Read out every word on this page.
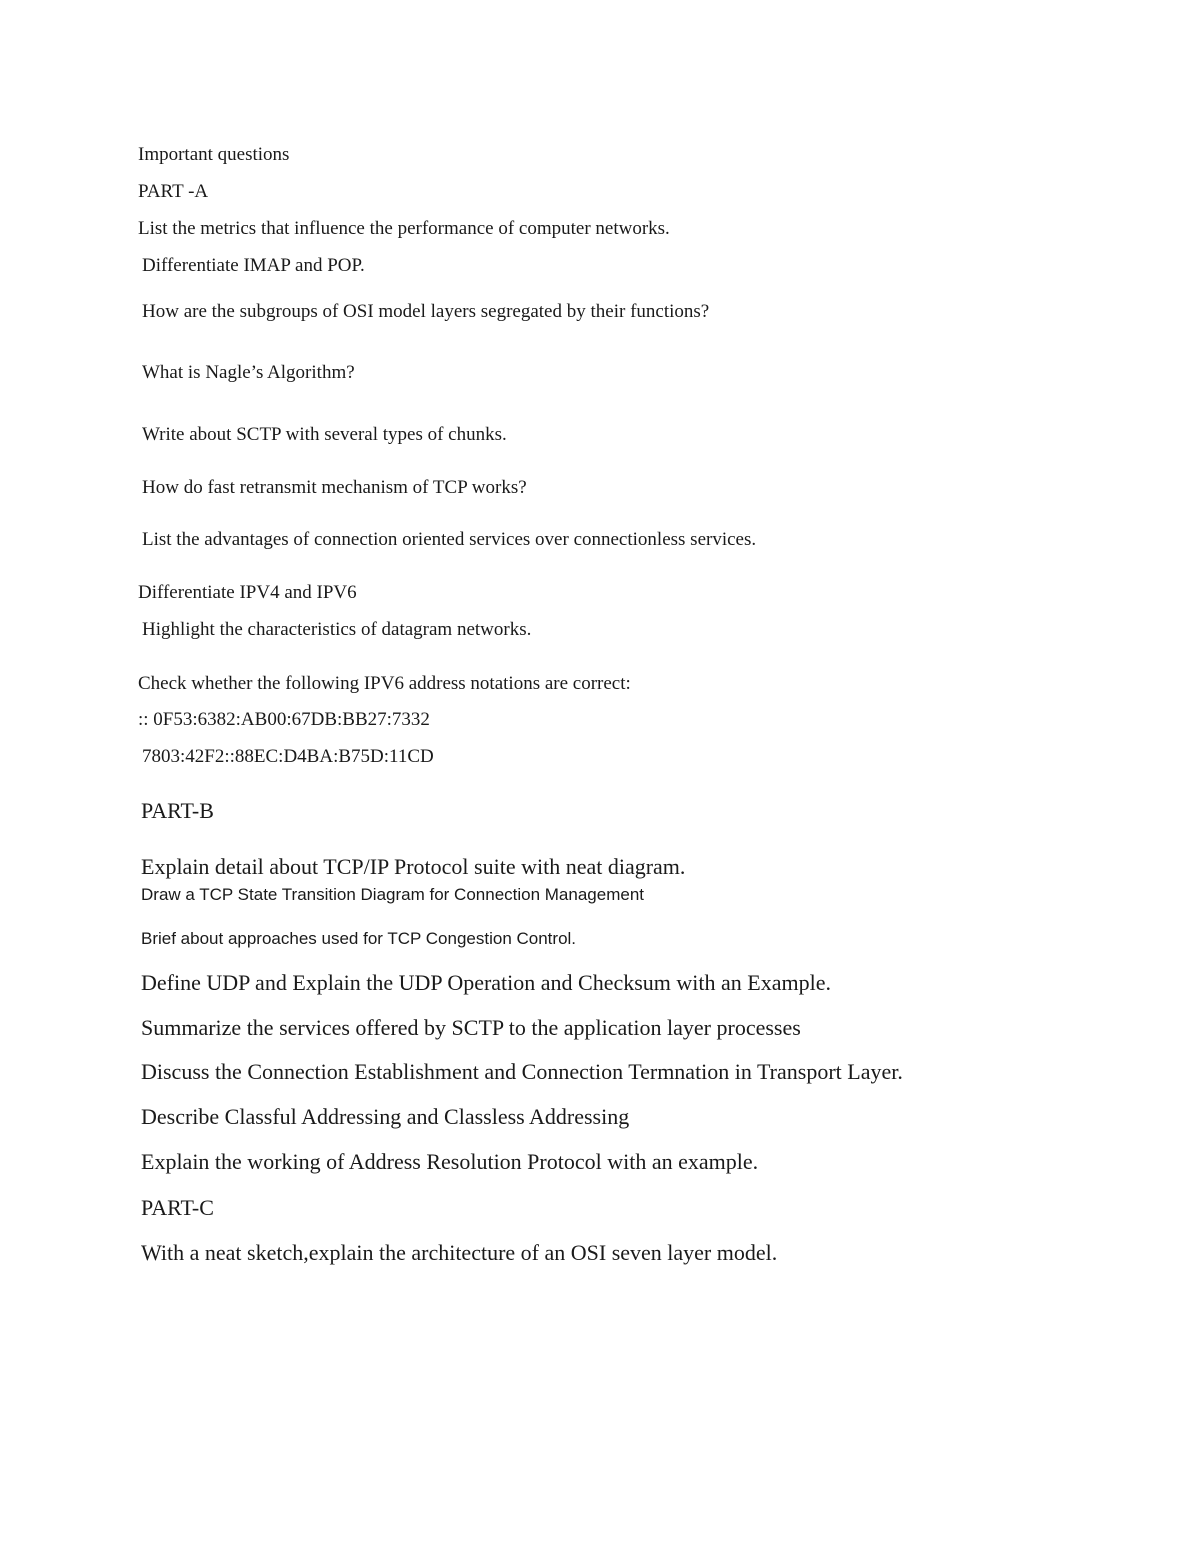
Important questions
PART -A
List the metrics that influence the performance of computer networks.
Differentiate IMAP and POP.
How are the subgroups of OSI model layers segregated by their functions?
What is Nagle’s Algorithm?
Write about SCTP with several types of chunks.
How do fast retransmit mechanism of TCP works?
List the advantages of connection oriented services over connectionless services.
Differentiate IPV4 and IPV6
Highlight the characteristics of datagram networks.
Check whether the following IPV6 address notations are correct:
:: 0F53:6382:AB00:67DB:BB27:7332
7803:42F2::88EC:D4BA:B75D:11CD
PART-B
Explain detail about TCP/IP Protocol suite with neat diagram.
Draw a TCP State Transition Diagram for Connection Management
Brief about approaches used for TCP Congestion Control.
Define UDP and Explain the UDP Operation and Checksum with an Example.
Summarize the services offered by SCTP to the application layer processes
Discuss the Connection Establishment and Connection Termnation in Transport Layer.
Describe Classful Addressing and Classless Addressing
Explain the working of Address Resolution Protocol with an example.
PART-C
With a neat sketch,explain the architecture of an OSI seven layer model.
